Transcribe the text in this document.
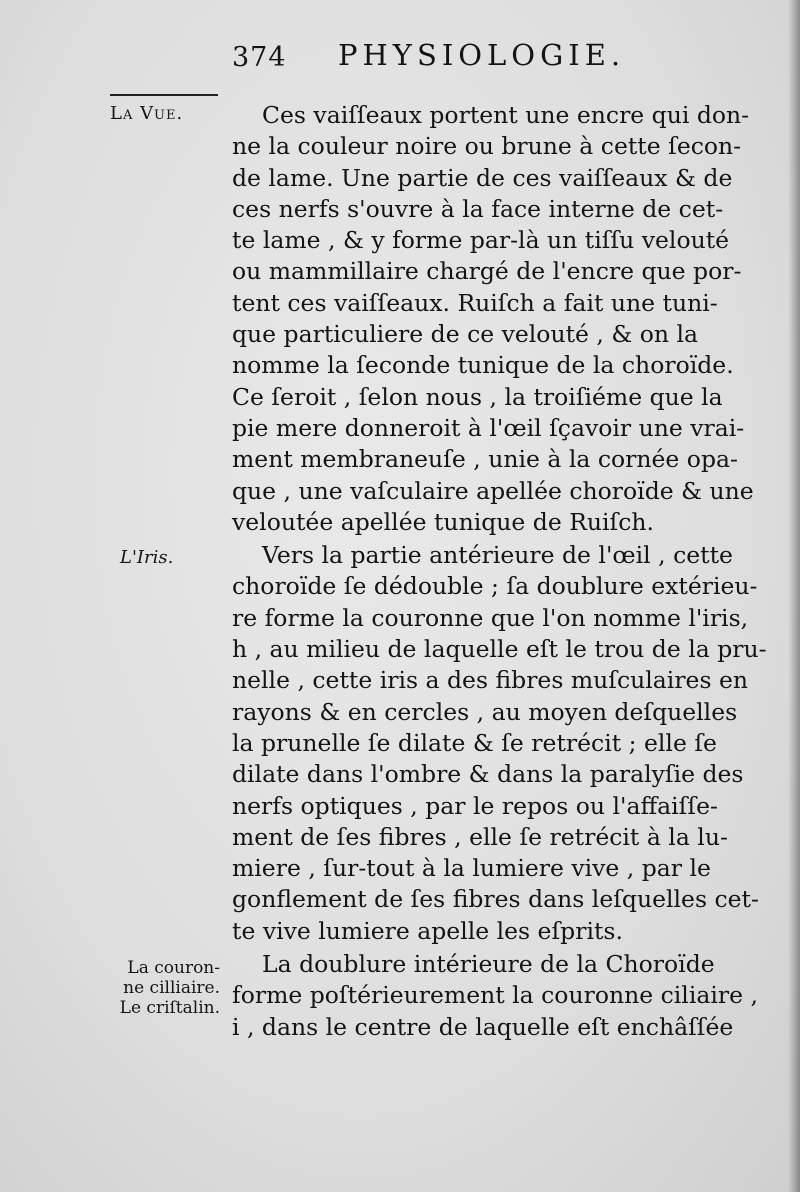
374 PHYSIOLOGIE.
La Vue.
L'Iris.
La couron-
ne cilliaire.
Le criſtalin.
Ces vaiſſeaux portent une encre qui don-
ne la couleur noire ou brune à cette ſecon-
de lame. Une partie de ces vaiſſeaux & de
ces nerfs s'ouvre à la face interne de cet-
te lame , & y forme par-là un tiſſu velouté
ou mammillaire chargé de l'encre que por-
tent ces vaiſſeaux. Ruiſch a fait une tuni-
que particuliere de ce velouté , & on la
nomme la ſeconde tunique de la choroïde.
Ce ſeroit , ſelon nous , la troiſiéme que la
pie mere donneroit à l'œil ſçavoir une vrai-
ment membraneuſe , unie à la cornée opa-
que , une vaſculaire apellée choroïde & une
veloutée apellée tunique de Ruiſch.
Vers la partie antérieure de l'œil , cette
choroïde ſe dédouble ; ſa doublure extérieu-
re forme la couronne que l'on nomme l'iris,
h , au milieu de laquelle eſt le trou de la pru-
nelle , cette iris a des fibres muſculaires en
rayons & en cercles , au moyen deſquelles
la prunelle ſe dilate & ſe retrécit ; elle ſe
dilate dans l'ombre & dans la paralyſie des
nerfs optiques , par le repos ou l'affaiſſe-
ment de ſes fibres , elle ſe retrécit à la lu-
miere , ſur-tout à la lumiere vive , par le
gonflement de ſes fibres dans leſquelles cet-
te vive lumiere apelle les eſprits.
La doublure intérieure de la Choroïde
forme poſtérieurement la couronne ciliaire ,
i , dans le centre de laquelle eſt enchâſſée
